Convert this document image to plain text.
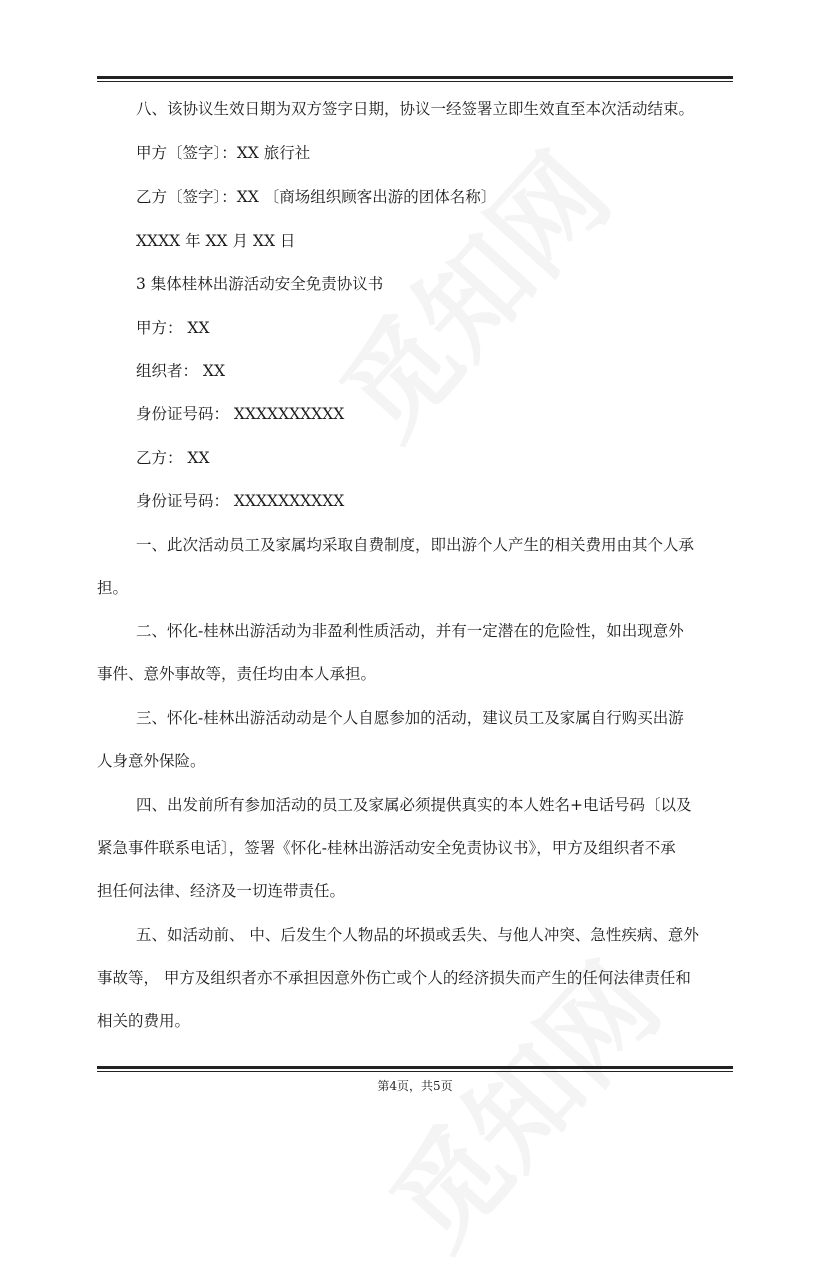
八、该协议生效日期为双方签字日期，协议一经签署立即生效直至本次活动结束。
甲方〔签字〕：XX 旅行社
乙方〔签字〕：XX 〔商场组织顾客出游的团体名称〕
XXXX 年 XX 月 XX 日
3 集体桂林出游活动安全免责协议书
甲方： XX
组织者： XX
身份证号码： XXXXXXXXXX
乙方： XX
身份证号码： XXXXXXXXXX
一、此次活动员工及家属均采取自费制度，即出游个人产生的相关费用由其个人承
担。
二、怀化-桂林出游活动为非盈利性质活动，并有一定潜在的危险性，如出现意外
事件、意外事故等，责任均由本人承担。
三、怀化-桂林出游活动动是个人自愿参加的活动，建议员工及家属自行购买出游
人身意外保险。
四、出发前所有参加活动的员工及家属必须提供真实的本人姓名+电话号码〔以及
紧急事件联系电话〕，签署《怀化-桂林出游活动安全免责协议书》，甲方及组织者不承
担任何法律、经济及一切连带责任。
五、如活动前、 中、后发生个人物品的坏损或丢失、与他人冲突、急性疾病、意外
事故等， 甲方及组织者亦不承担因意外伤亡或个人的经济损失而产生的任何法律责任和
相关的费用。
第4页，共5页
